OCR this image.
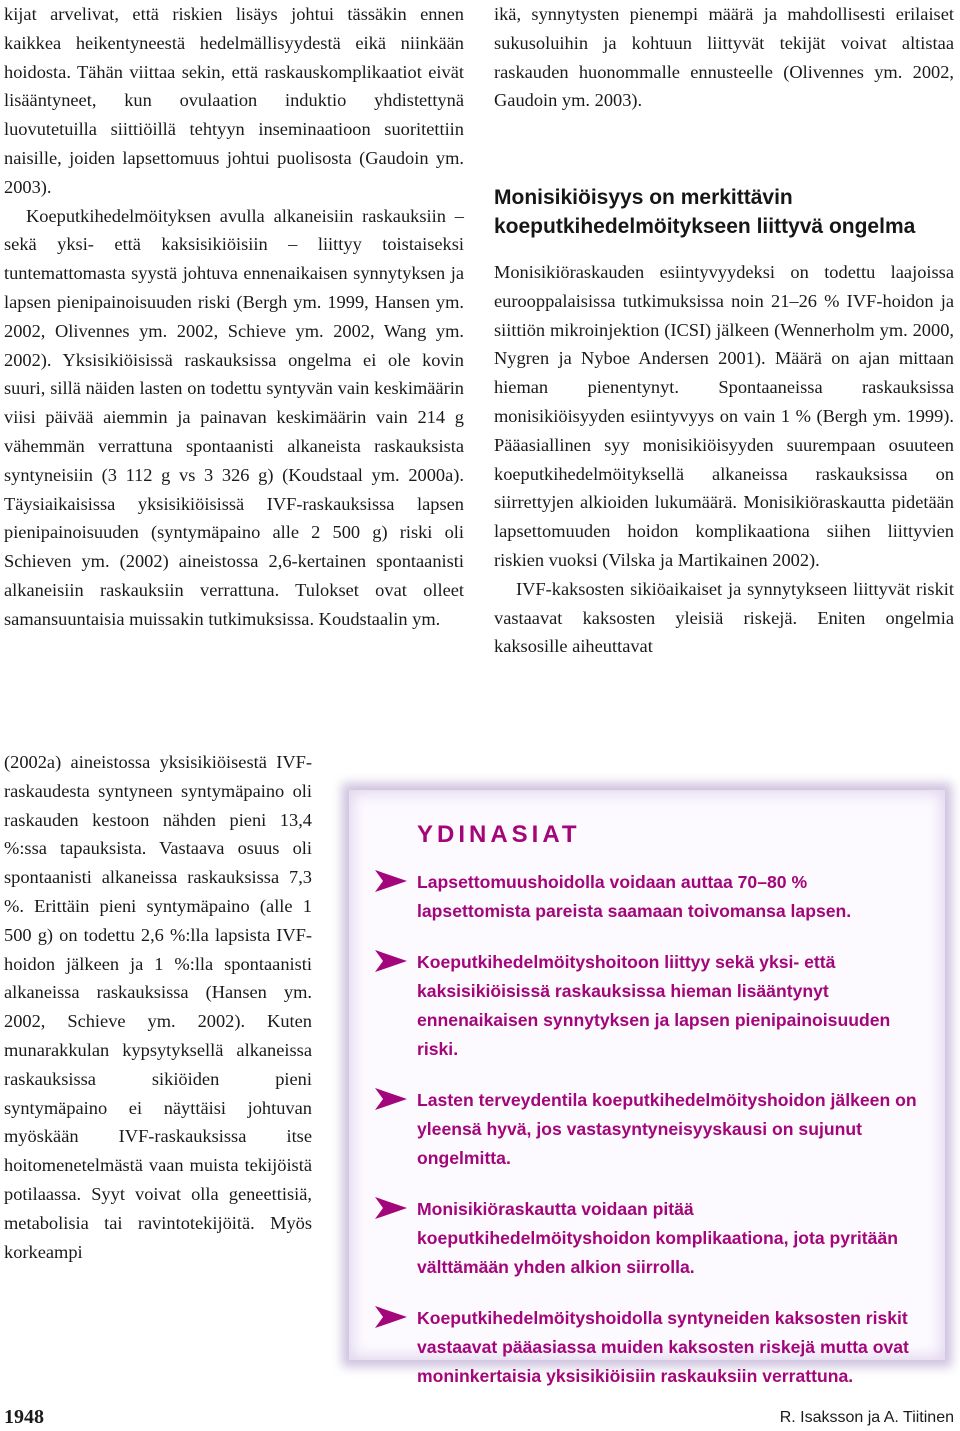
kijat arvelivat, että riskien lisäys johtui tässäkin ennen kaikkea heikentyneestä hedelmällisyydestä eikä niinkään hoidosta. Tähän viittaa sekin, että raskauskomplikaatiot eivät lisääntyneet, kun ovulaation induktio yhdistettynä luovutetuilla siittiöillä tehtyyn inseminaatioon suoritettiin naisille, joiden lapsettomuus johtui puolisosta (Gaudoin ym. 2003).

Koeputkihedelmöityksen avulla alkaneisiin raskauksiin – sekä yksi- että kaksisikiöisiin – liittyy toistaiseksi tuntemattomasta syystä johtuva ennenaikaisen synnytyksen ja lapsen pienipainoisuuden riski (Bergh ym. 1999, Hansen ym. 2002, Olivennes ym. 2002, Schieve ym. 2002, Wang ym. 2002). Yksisikiöisissä raskauksissa ongelma ei ole kovin suuri, sillä näiden lasten on todettu syntyvän vain keskimäärin viisi päivää aiemmin ja painavan keskimäärin vain 214 g vähemmän verrattuna spontaanisti alkaneista raskauksista syntyneisiin (3 112 g vs 3 326 g) (Koudstaal ym. 2000a). Täysiaikaisissa yksisikiöisissä IVF-raskauksissa lapsen pienipainoisuuden (syntymäpaino alle 2 500 g) riski oli Schieven ym. (2002) aineistossa 2,6-kertainen spontaanisti alkaneisiin raskauksiin verrattuna. Tulokset ovat olleet samansuuntaisia muissakin tutkimuksissa. Koudstaalin ym.

(2002a) aineistossa yksisikiöisestä IVF-raskaudesta syntyneen syntymäpaino oli raskauden kestoon nähden pieni 13,4 %:ssa tapauksista. Vastaava osuus oli spontaanisti alkaneissa raskauksissa 7,3 %. Erittäin pieni syntymäpaino (alle 1 500 g) on todettu 2,6 %:lla lapsista IVF-hoidon jälkeen ja 1 %:lla spontaanisti alkaneissa raskauksissa (Hansen ym. 2002, Schieve ym. 2002). Kuten munarakkulan kypsytyksellä alkaneissa raskauksissa sikiöiden pieni syntymäpaino ei näyttäisi johtuvan myöskään IVF-raskauksissa itse hoitomenetelmästä vaan muista tekijöistä potilaassa. Syyt voivat olla geneettisiä, metabolisia tai ravintotekijöitä. Myös korkeampi

ikä, synnytysten pienempi määrä ja mahdollisesti erilaiset sukusoluihin ja kohtuun liittyvät tekijät voivat altistaa raskauden huonommalle ennusteelle (Olivennes ym. 2002, Gaudoin ym. 2003).

Monisikiöisyys on merkittävin koeputkihedelmöitykseen liittyvä ongelma

Monisikiöraskauden esiintyvyydeksi on todettu laajoissa eurooppalaisissa tutkimuksissa noin 21–26 % IVF-hoidon ja siittiön mikroinjektion (ICSI) jälkeen (Wennerholm ym. 2000, Nygren ja Nyboe Andersen 2001). Määrä on ajan mittaan hieman pienentynyt. Spontaaneissa raskauksissa monisikiöisyyden esiintyvyys on vain 1 % (Bergh ym. 1999). Pääasiallinen syy monisikiöisyyden suurempaan osuuteen koeputkihedelmöityksellä alkaneissa raskauksissa on siirrettyjen alkioiden lukumäärä. Monisikiöraskautta pidetään lapsettomuuden hoidon komplikaationa siihen liittyvien riskien vuoksi (Vilska ja Martikainen 2002).

IVF-kaksosten sikiöaikaiset ja synnytykseen liittyvät riskit vastaavat kaksosten yleisiä riskejä. Eniten ongelmia kaksosille aiheuttavat

YDINASIAT
Lapsettomuushoidolla voidaan auttaa 70–80 % lapsettomista pareista saamaan toivomansa lapsen.
Koeputkihedelmöityshoitoon liittyy sekä yksi- että kaksisikiöisissä raskauksissa hieman lisääntynyt ennenaikaisen synnytyksen ja lapsen pienipainoisuuden riski.
Lasten terveydentila koeputkihedelmöityshoidon jälkeen on yleensä hyvä, jos vastasyntyneisyyskausi on sujunut ongelmitta.
Monisikiöraskautta voidaan pitää koeputkihedelmöityshoidon komplikaationa, jota pyritään välttämään yhden alkion siirrolla.
Koeputkihedelmöityshoidolla syntyneiden kaksosten riskit vastaavat pääasiassa muiden kaksosten riskejä mutta ovat moninkertaisia yksisikiöisiin raskauksiin verrattuna.
1948	R. Isaksson ja A. Tiitinen
